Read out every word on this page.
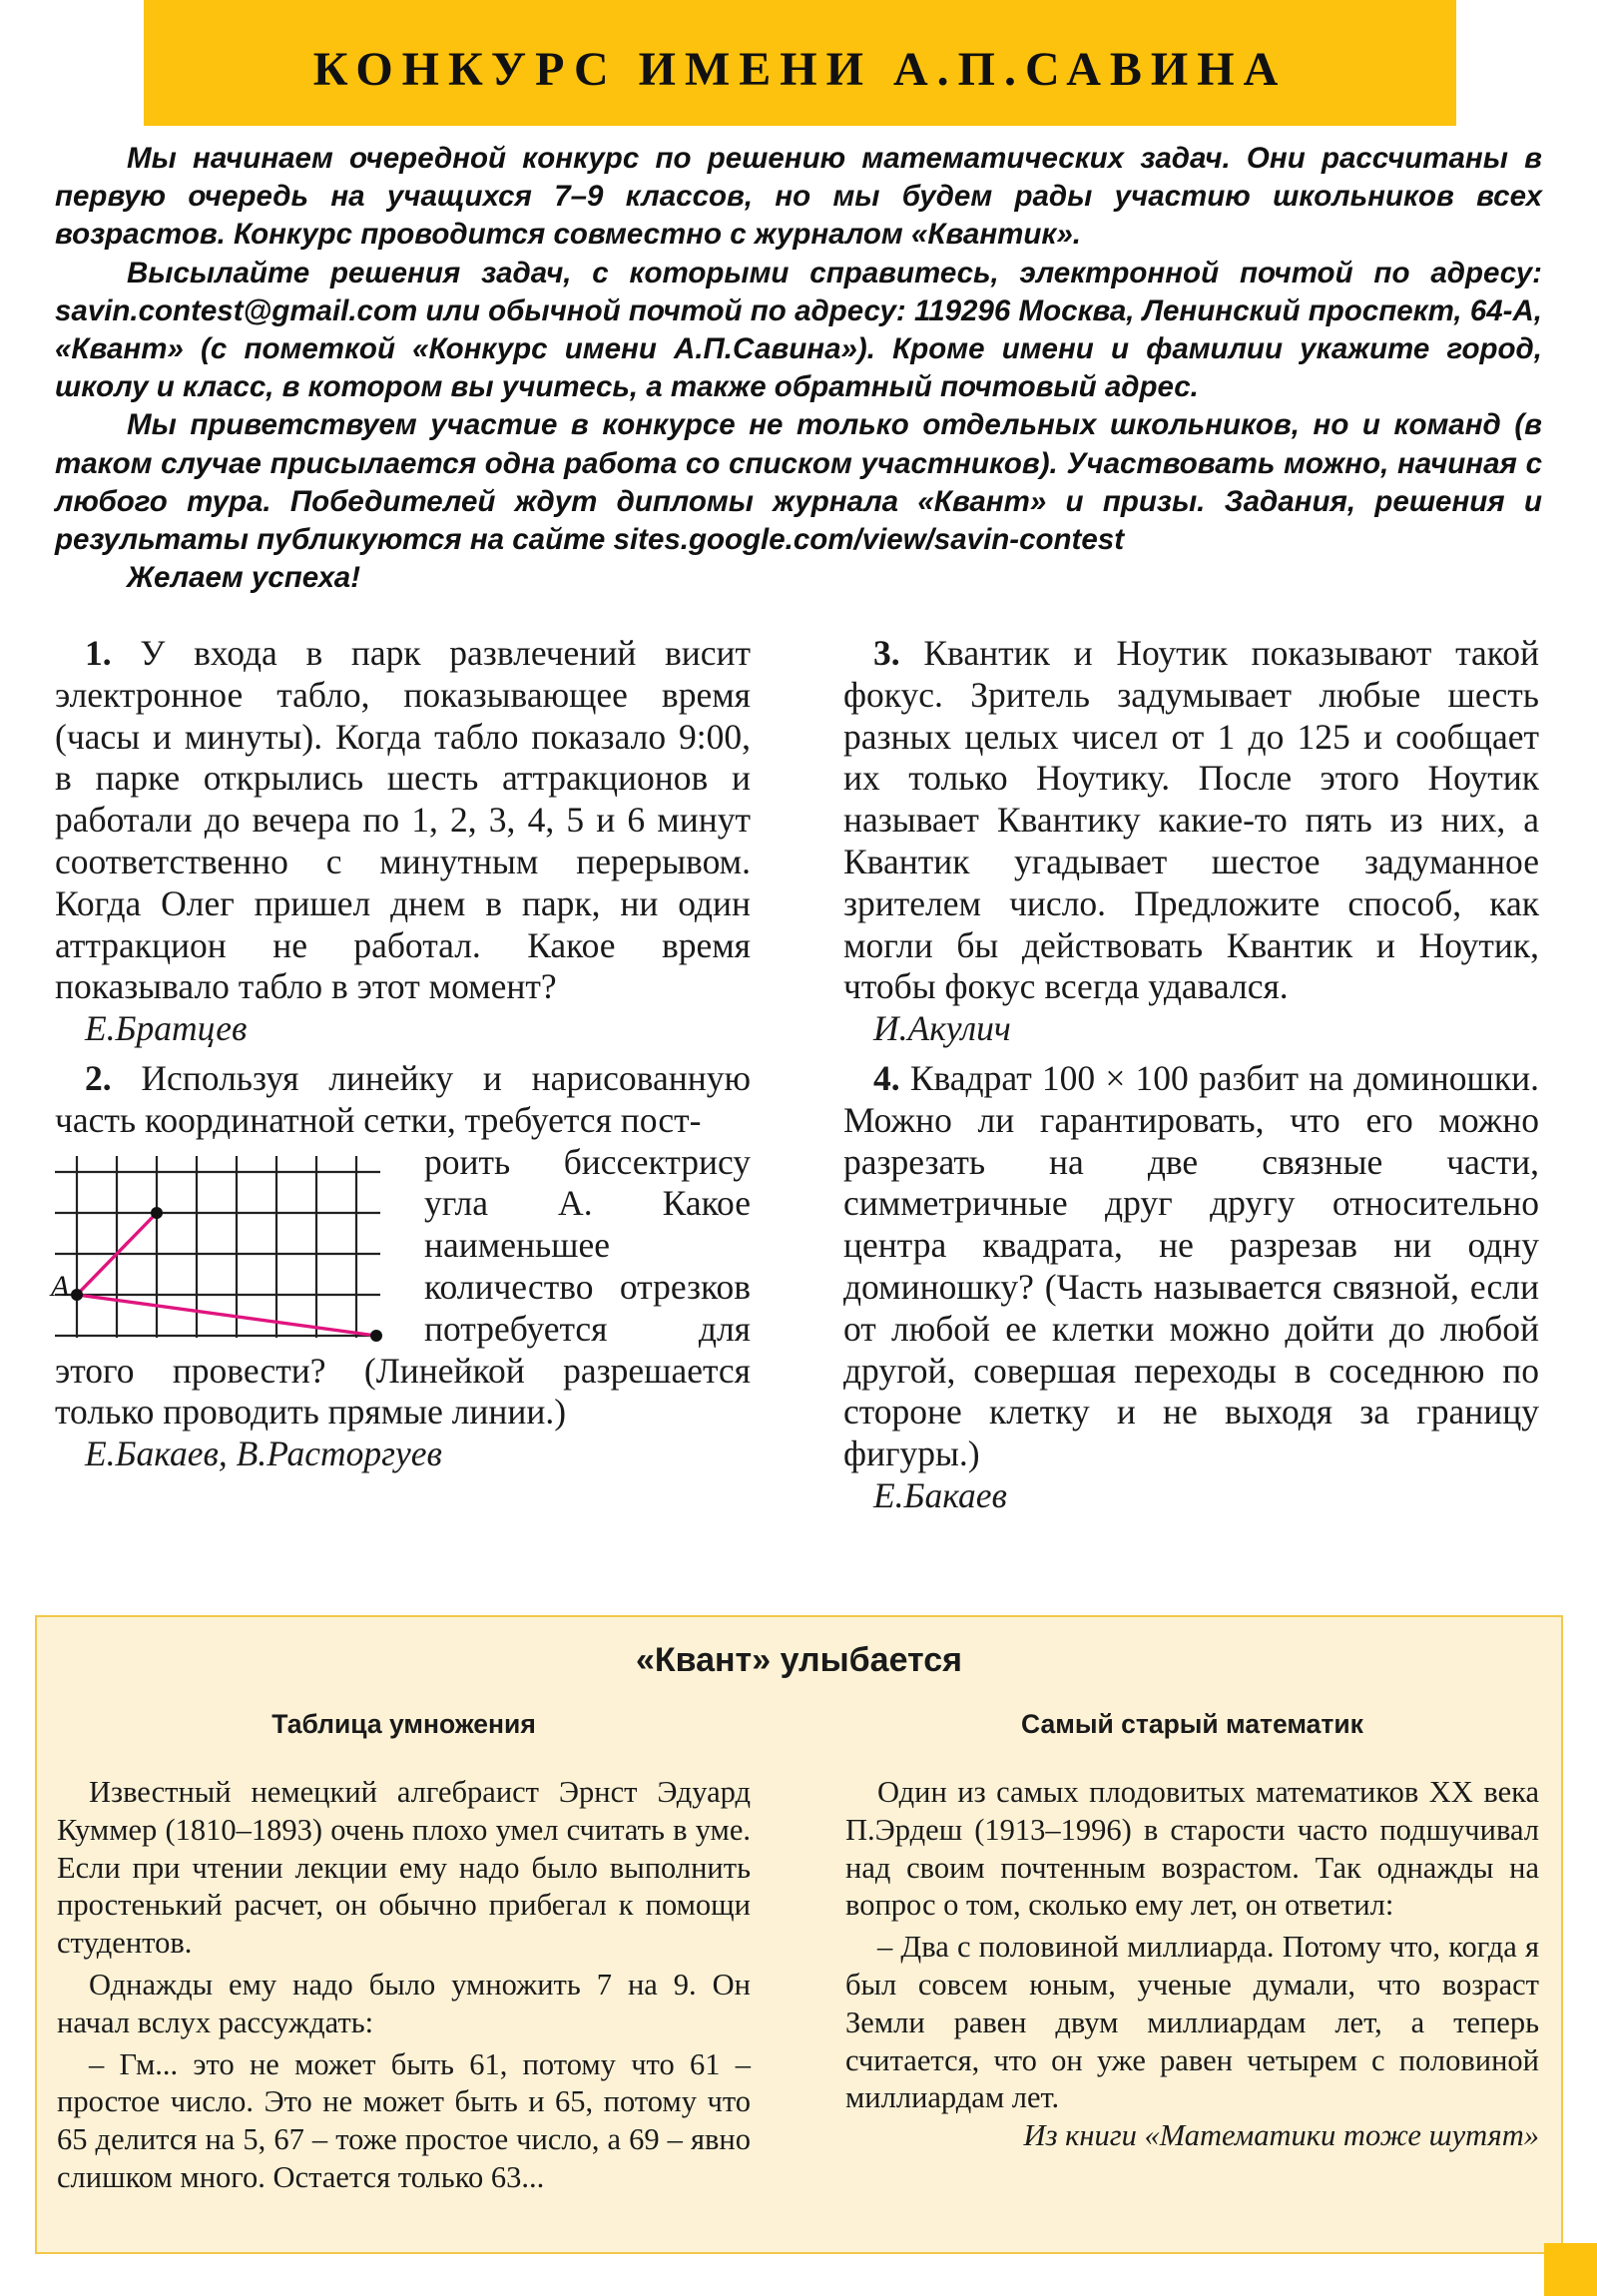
КОНКУРС ИМЕНИ А.П.САВИНА

Мы начинаем очередной конкурс по решению математических задач. Они рассчитаны в первую очередь на учащихся 7–9 классов, но мы будем рады участию школьников всех возрастов. Конкурс проводится совместно с журналом «Квантик».

Высылайте решения задач, с которыми справитесь, электронной почтой по адресу: savin.contest@gmail.com или обычной почтой по адресу: 119296 Москва, Ленинский проспект, 64-А, «Квант» (с пометкой «Конкурс имени А.П.Савина»). Кроме имени и фамилии укажите город, школу и класс, в котором вы учитесь, а также обратный почтовый адрес.

Мы приветствуем участие в конкурсе не только отдельных школьников, но и команд (в таком случае присылается одна работа со списком участников). Участвовать можно, начиная с любого тура. Победителей ждут дипломы журнала «Квант» и призы. Задания, решения и результаты публикуются на сайте sites.google.com/view/savin-contest

Желаем успеха!

1. У входа в парк развлечений висит электронное табло, показывающее время (часы и минуты). Когда табло показало 9:00, в парке открылись шесть аттракционов и работали до вечера по 1, 2, 3, 4, 5 и 6 минут соответственно с минутным перерывом. Когда Олег пришел днем в парк, ни один аттракцион не работал. Какое время показывало табло в этот момент?

Е.Братцев

2. Используя линейку и нарисованную часть координатной сетки, требуется пост-

A

роить биссектрису угла A. Какое наименьшее количество отрезков потребуется для этого провести? (Линейкой разрешается только проводить прямые линии.)

Е.Бакаев, В.Расторгуев

3. Квантик и Ноутик показывают такой фокус. Зритель задумывает любые шесть разных целых чисел от 1 до 125 и сообщает их только Ноутику. После этого Ноутик называет Квантику какие-то пять из них, а Квантик угадывает шестое задуманное зрителем число. Предложите способ, как могли бы действовать Квантик и Ноутик, чтобы фокус всегда удавался.

И.Акулич

4. Квадрат 100 × 100 разбит на доминошки. Можно ли гарантировать, что его можно разрезать на две связные части, симметричные друг другу относительно центра квадрата, не разрезав ни одну доминошку? (Часть называется связной, если от любой ее клетки можно дойти до любой другой, совершая переходы в соседнюю по стороне клетку и не выходя за границу фигуры.)

Е.Бакаев

«Квант» улыбается

Таблица умножения

Известный немецкий алгебраист Эрнст Эдуард Куммер (1810–1893) очень плохо умел считать в уме. Если при чтении лекции ему надо было выполнить простенький расчет, он обычно прибегал к помощи студентов.

Однажды ему надо было умножить 7 на 9. Он начал вслух рассуждать:

– Гм... это не может быть 61, потому что 61 – простое число. Это не может быть и 65, потому что 65 делится на 5, 67 – тоже простое число, а 69 – явно слишком много. Остается только 63...

Самый старый математик

Один из самых плодовитых математиков XX века П.Эрдеш (1913–1996) в старости часто подшучивал над своим почтенным возрастом. Так однажды на вопрос о том, сколько ему лет, он ответил:

– Два с половиной миллиарда. Потому что, когда я был совсем юным, ученые думали, что возраст Земли равен двум миллиардам лет, а теперь считается, что он уже равен четырем с половиной миллиардам лет.

Из книги «Математики тоже шутят»
